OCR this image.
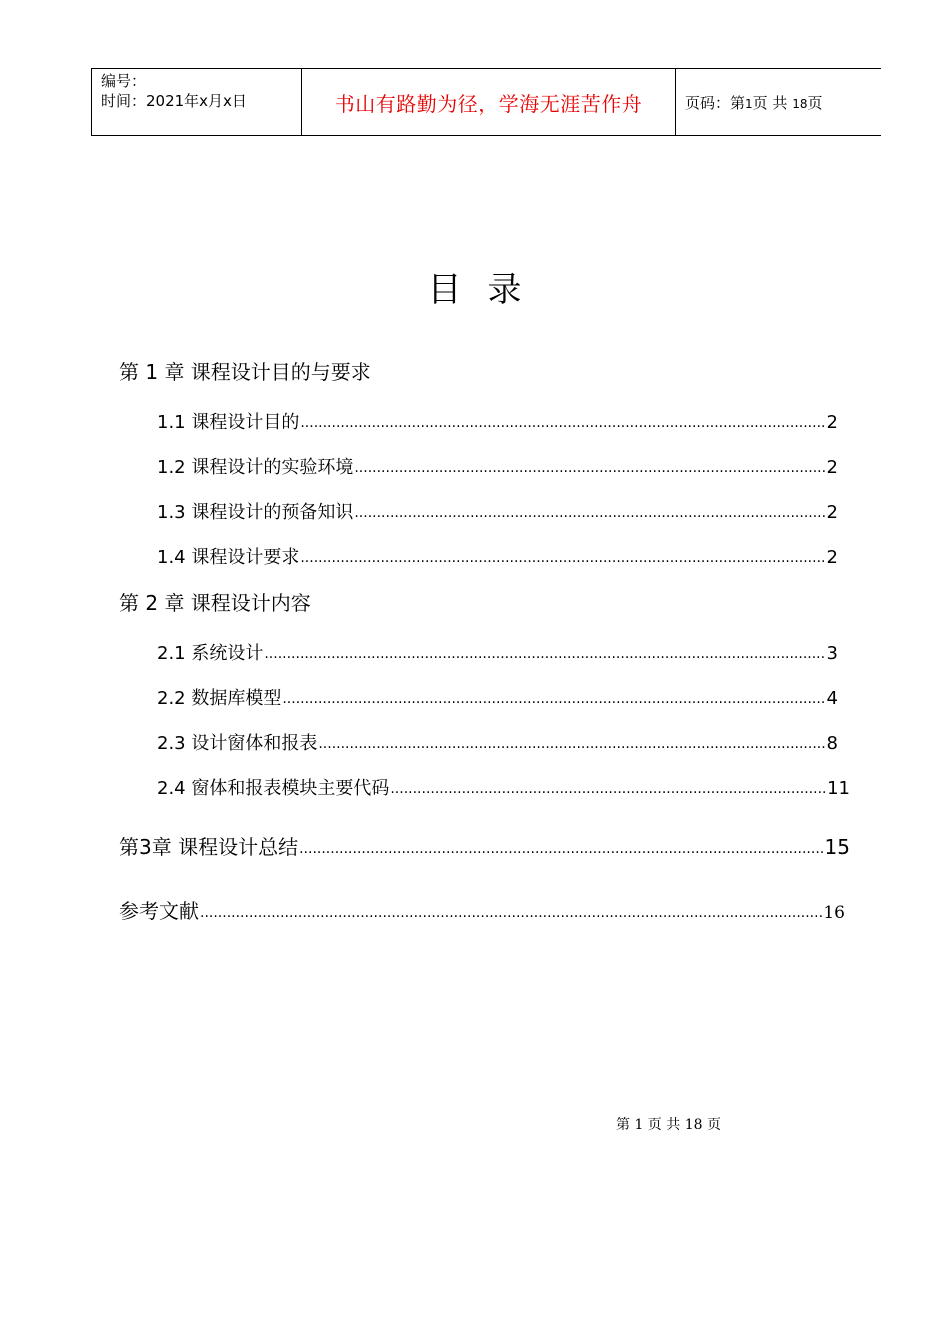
编号：
时间：2021年x月x日	书山有路勤为径，学海无涯苦作舟	页码：第1页 共 18页
目录
第 1 章 课程设计目的与要求
1.1 课程设计目的 .....	2
1.2 课程设计的实验环境 .....	2
1.3 课程设计的预备知识 .....	2
1.4 课程设计要求 .....	2
第 2 章 课程设计内容
2.1 系统设计 .....	3
2.2 数据库模型 .....	4
2.3 设计窗体和报表 .....	8
2.4 窗体和报表模块主要代码 .....	11
第3章 课程设计总结 .....	15
参考文献 .....	16
第 1 页 共 18 页
